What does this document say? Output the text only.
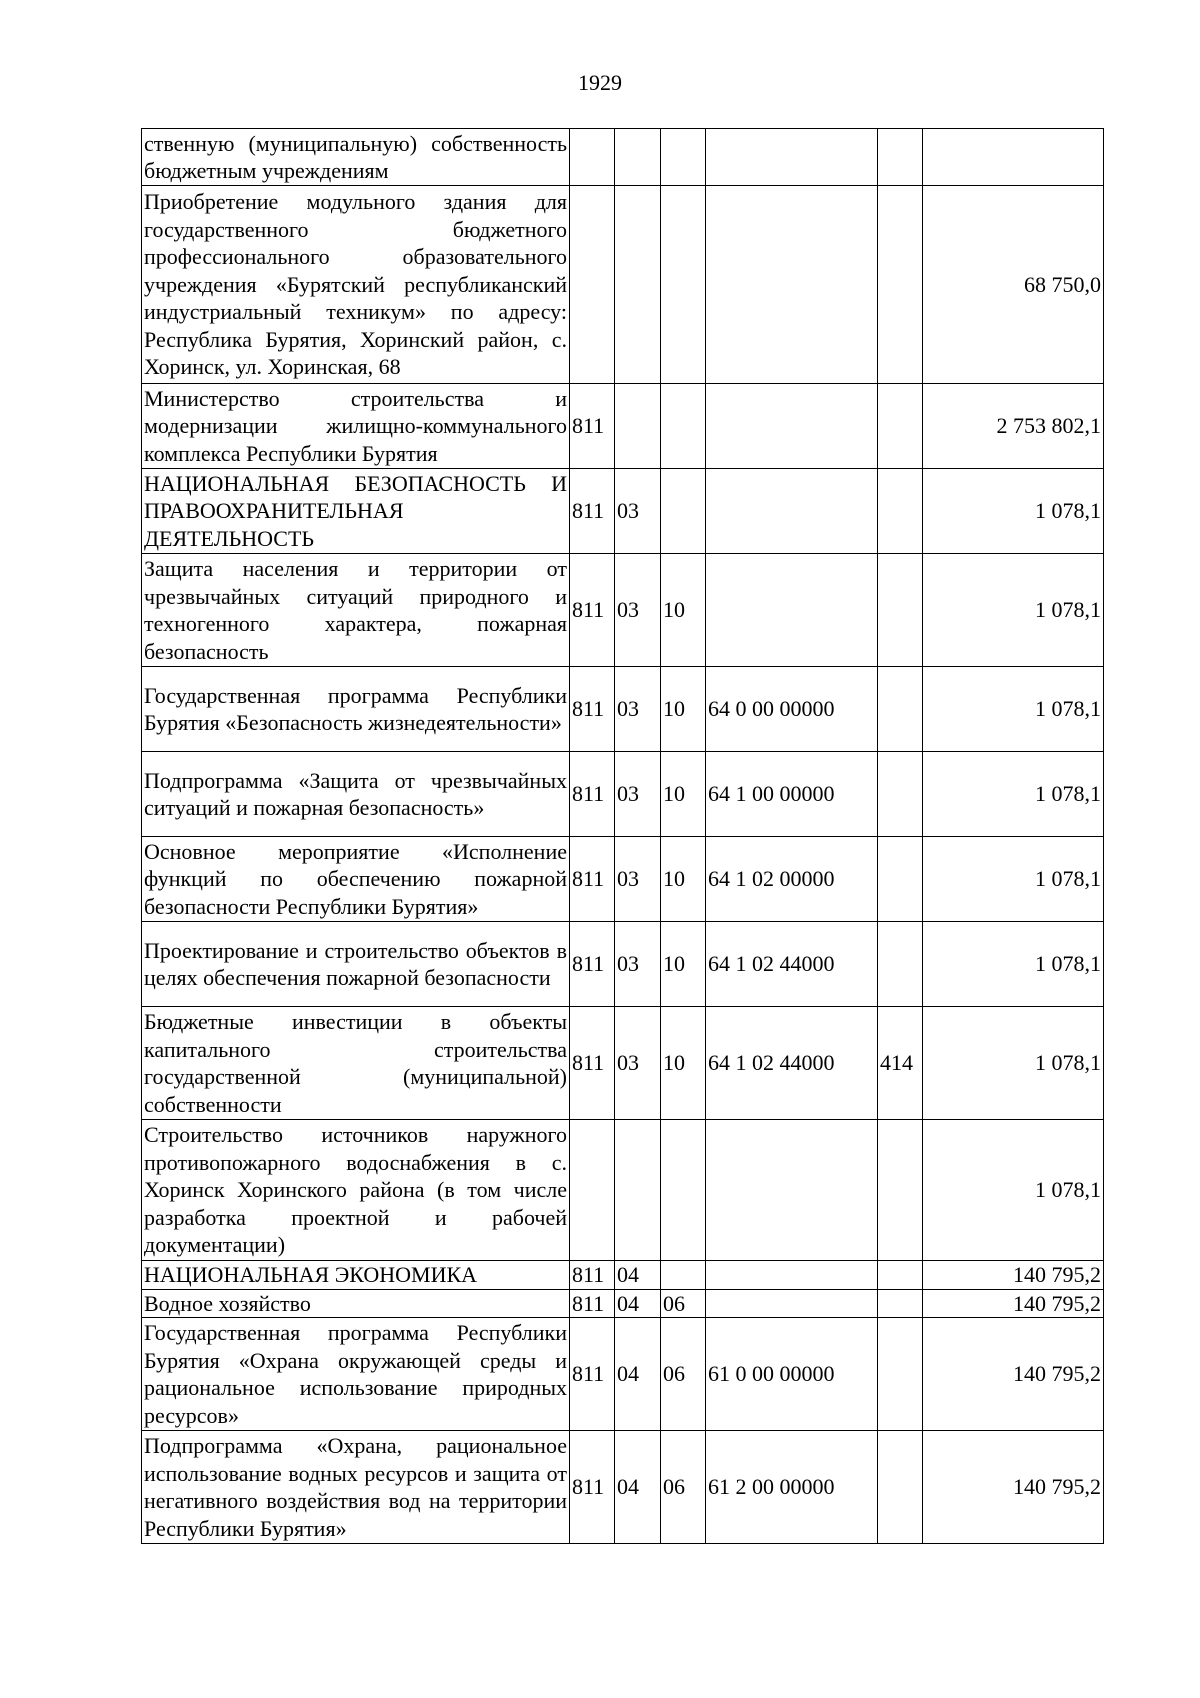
1929
ственную (муниципальную) собственность бюджетным учреждениям						
Приобретение модульного здания для государственного бюджетного профессионального образовательного учреждения «Бурятский республиканский индустриальный техникум» по адресу: Республика Бурятия, Хоринский район, с. Хоринск, ул. Хоринская, 68						68 750,0
Министерство строительства и модернизации жилищно-коммунального комплекса Республики Бурятия	811					2 753 802,1
НАЦИОНАЛЬНАЯ БЕЗОПАСНОСТЬ И ПРАВООХРАНИТЕЛЬНАЯ ДЕЯТЕЛЬНОСТЬ	811	03				1 078,1
Защита населения и территории от чрезвычайных ситуаций природного и техногенного характера, пожарная безопасность	811	03	10			1 078,1
Государственная программа Республики Бурятия «Безопасность жизнедеятельности»	811	03	10	64 0 00 00000		1 078,1
Подпрограмма «Защита от чрезвычайных ситуаций и пожарная безопасность»	811	03	10	64 1 00 00000		1 078,1
Основное мероприятие «Исполнение функций по обеспечению пожарной безопасности Республики Бурятия»	811	03	10	64 1 02 00000		1 078,1
Проектирование и строительство объектов в целях обеспечения пожарной безопасности	811	03	10	64 1 02 44000		1 078,1
Бюджетные инвестиции в объекты капитального строительства государственной (муниципальной) собственности	811	03	10	64 1 02 44000	414	1 078,1
Строительство источников наружного противопожарного водоснабжения в с. Хоринск Хоринского района (в том числе разработка проектной и рабочей документации)						1 078,1
НАЦИОНАЛЬНАЯ ЭКОНОМИКА	811	04				140 795,2
Водное хозяйство	811	04	06			140 795,2
Государственная программа Республики Бурятия «Охрана окружающей среды и рациональное использование природных ресурсов»	811	04	06	61 0 00 00000		140 795,2
Подпрограмма «Охрана, рациональное использование водных ресурсов и защита от негативного воздействия вод на территории Республики Бурятия»	811	04	06	61 2 00 00000		140 795,2
